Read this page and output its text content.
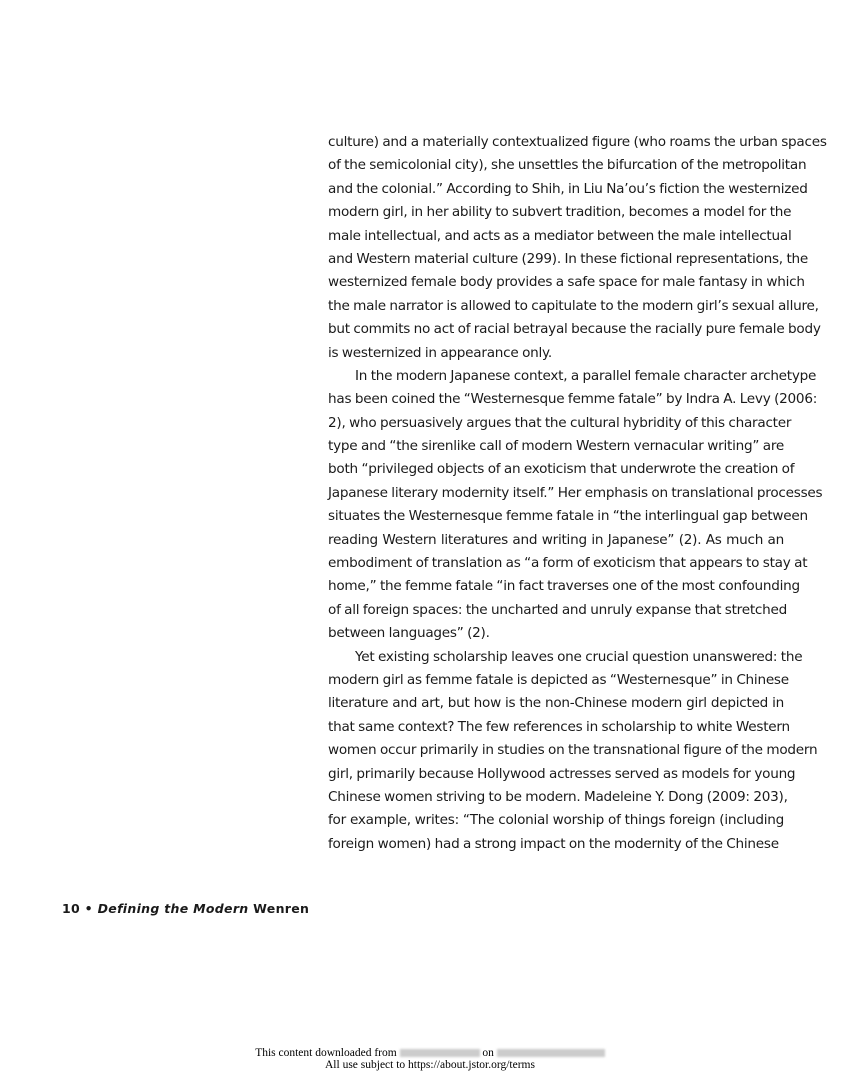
culture) and a materially contextualized figure (who roams the urban spaces
of the semicolonial city), she unsettles the bifurcation of the metropolitan
and the colonial.” According to Shih, in Liu Na’ou’s fiction the westernized
modern girl, in her ability to subvert tradition, becomes a model for the
male intellectual, and acts as a mediator between the male intellectual
and Western material culture (299). In these fictional representations, the
westernized female body provides a safe space for male fantasy in which
the male narrator is allowed to capitulate to the modern girl’s sexual allure,
but commits no act of racial betrayal because the racially pure female body
is westernized in appearance only.
In the modern Japanese context, a parallel female character archetype
has been coined the “Westernesque femme fatale” by Indra A. Levy (2006:
2), who persuasively argues that the cultural hybridity of this character
type and “the sirenlike call of modern Western vernacular writing” are
both “privileged objects of an exoticism that underwrote the creation of
Japanese literary modernity itself.” Her emphasis on translational processes
situates the Westernesque femme fatale in “the interlingual gap between
reading Western literatures and writing in Japanese” (2). As much an
embodiment of translation as “a form of exoticism that appears to stay at
home,” the femme fatale “in fact traverses one of the most confounding
of all foreign spaces: the uncharted and unruly expanse that stretched
between languages” (2).
Yet existing scholarship leaves one crucial question unanswered: the
modern girl as femme fatale is depicted as “Westernesque” in Chinese
literature and art, but how is the non-Chinese modern girl depicted in
that same context? The few references in scholarship to white Western
women occur primarily in studies on the transnational figure of the modern
girl, primarily because Hollywood actresses served as models for young
Chinese women striving to be modern. Madeleine Y. Dong (2009: 203),
for example, writes: “The colonial worship of things foreign (including
foreign women) had a strong impact on the modernity of the Chinese
10 • Defining the Modern Wenren
This content downloaded from	on
All use subject to https://about.jstor.org/terms
